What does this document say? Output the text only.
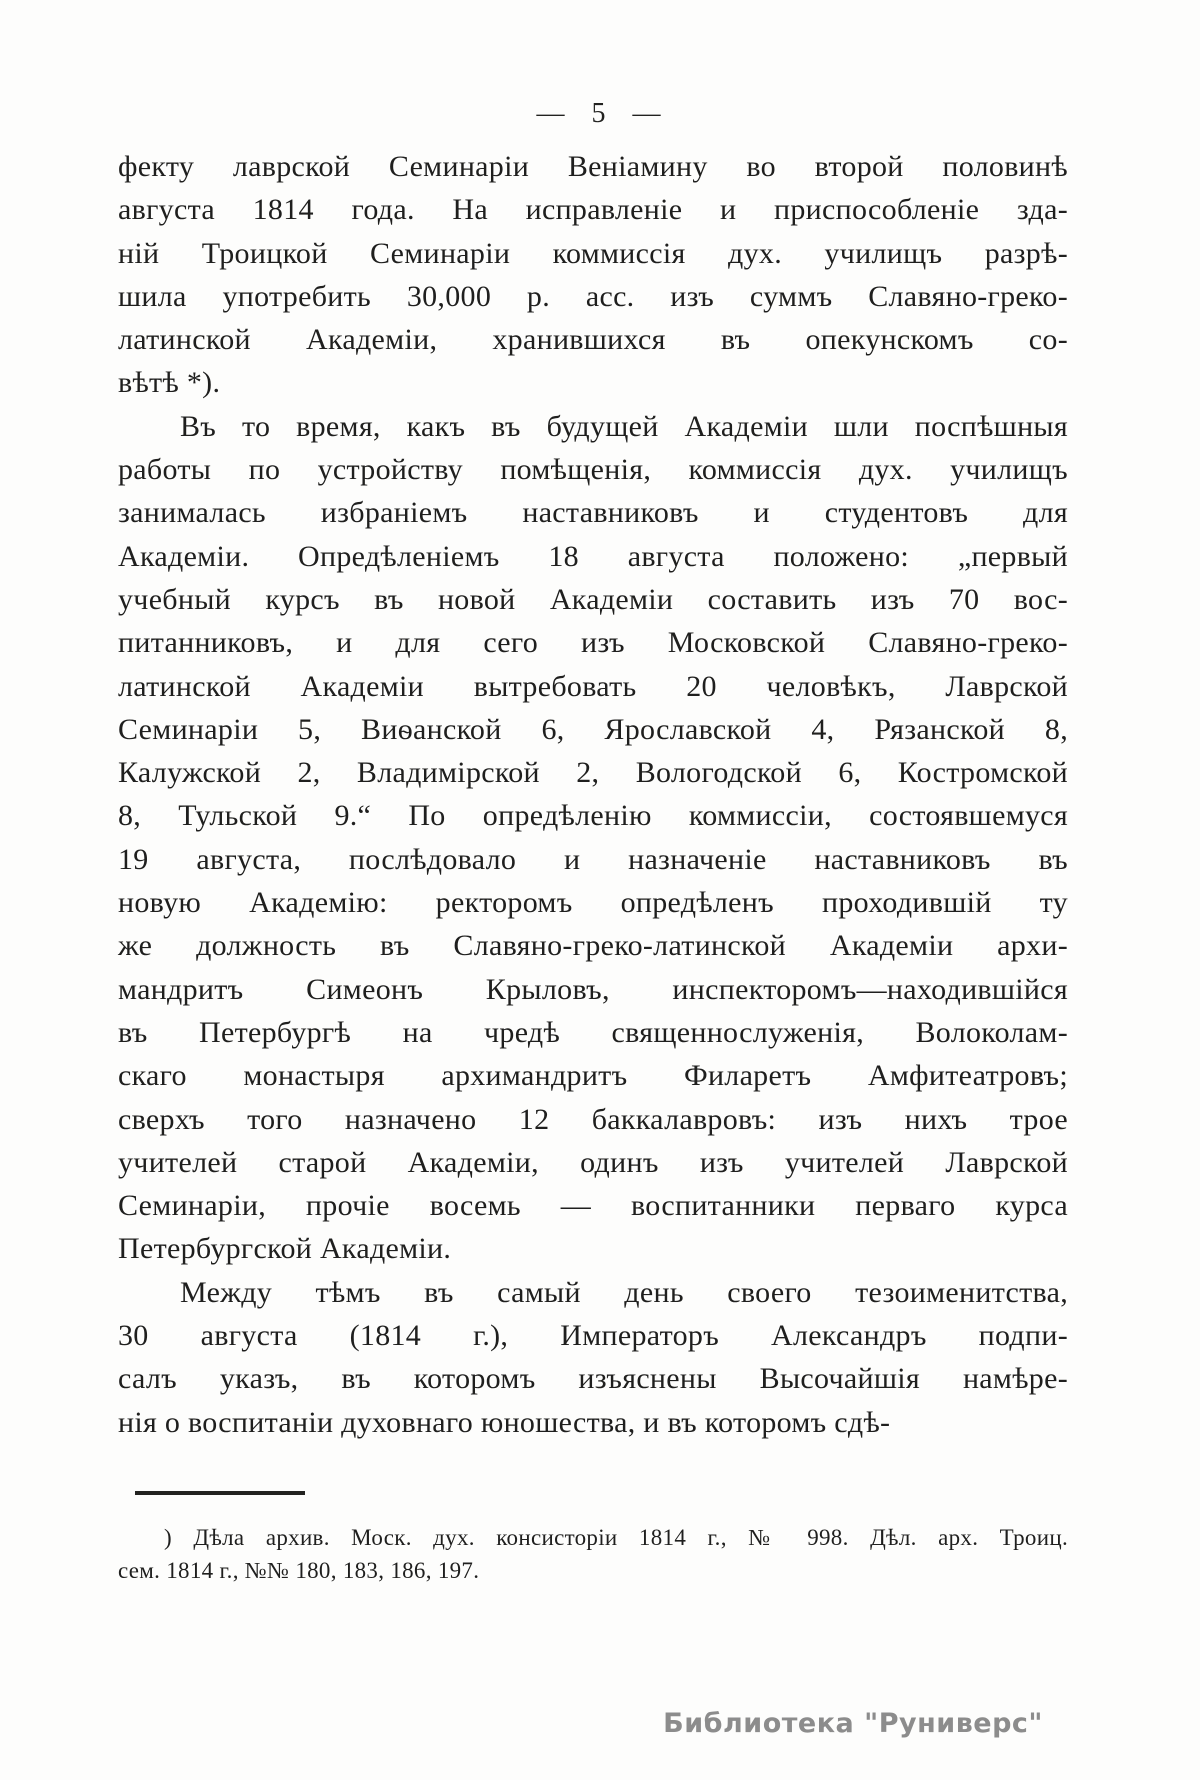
— 5 —
фекту лаврской Семинаріи Веніамину во второй половинѣ
августа 1814 года. На исправленіе и приспособленіе зда-
ній Троицкой Семинаріи коммиссія дух. училищъ разрѣ-
шила употребить 30,000 р. асс. изъ суммъ Славяно-греко-
латинской Академіи, хранившихся въ опекунскомъ со-
вѣтѣ *).
Въ то время, какъ въ будущей Академіи шли поспѣшныя
работы по устройству помѣщенія, коммиссія дух. училищъ
занималась избраніемъ наставниковъ и студентовъ для
Академіи. Опредѣленіемъ 18 августа положено: „первый
учебный курсъ въ новой Академіи составить изъ 70 вос-
питанниковъ, и для сего изъ Московской Славяно-греко-
латинской Академіи вытребовать 20 человѣкъ, Лаврской
Семинаріи 5, Виѳанской 6, Ярославской 4, Рязанской 8,
Калужской 2, Владимірской 2, Вологодской 6, Костромской
8, Тульской 9.“ По опредѣленію коммиссіи, состоявшемуся
19 августа, послѣдовало и назначеніе наставниковъ въ
новую Академію: ректоромъ опредѣленъ проходившій ту
же должность въ Славяно-греко-латинской Академіи архи-
мандритъ Симеонъ Крыловъ, инспекторомъ—находившійся
въ Петербургѣ на чредѣ священнослуженія, Волоколам-
скаго монастыря архимандритъ Филаретъ Амфитеатровъ;
сверхъ того назначено 12 баккалавровъ: изъ нихъ трое
учителей старой Академіи, одинъ изъ учителей Лаврской
Семинаріи, прочіе восемь — воспитанники перваго курса
Петербургской Академіи.
Между тѣмъ въ самый день своего тезоименитства,
30 августа (1814 г.), Императоръ Александръ подпи-
салъ указъ, въ которомъ изъяснены Высочайшія намѣре-
нія о воспитаніи духовнаго юношества, и въ которомъ сдѣ-
) Дѣла архив. Моск. дух. консисторіи 1814 г., № 998. Дѣл. арх. Троиц.
сем. 1814 г., №№ 180, 183, 186, 197.
Библиотека "Руниверс"
